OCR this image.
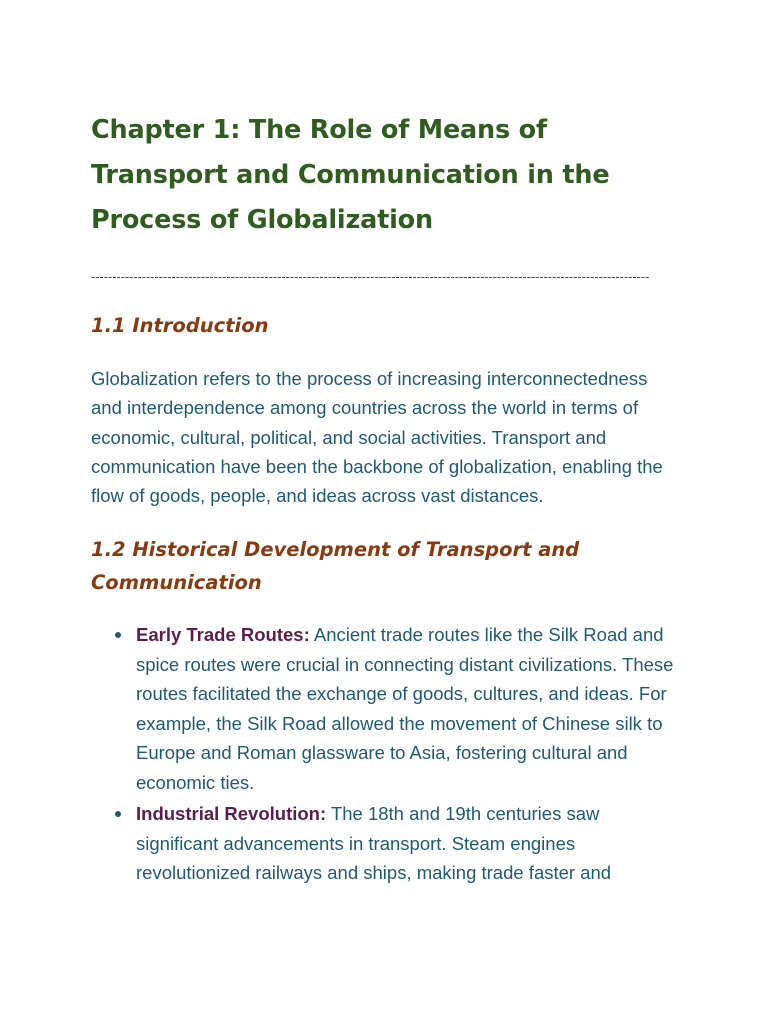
Chapter 1: The Role of Means of Transport and Communication in the Process of Globalization
------------------------------------------------------------------------------------------------------------------------------------
1.1 Introduction

Globalization refers to the process of increasing interconnectedness and interdependence among countries across the world in terms of economic, cultural, political, and social activities. Transport and communication have been the backbone of globalization, enabling the flow of goods, people, and ideas across vast distances.

1.2 Historical Development of Transport and Communication
Early Trade Routes: Ancient trade routes like the Silk Road and spice routes were crucial in connecting distant civilizations. These routes facilitated the exchange of goods, cultures, and ideas. For example, the Silk Road allowed the movement of Chinese silk to Europe and Roman glassware to Asia, fostering cultural and economic ties.
Industrial Revolution: The 18th and 19th centuries saw significant advancements in transport. Steam engines revolutionized railways and ships, making trade faster and
